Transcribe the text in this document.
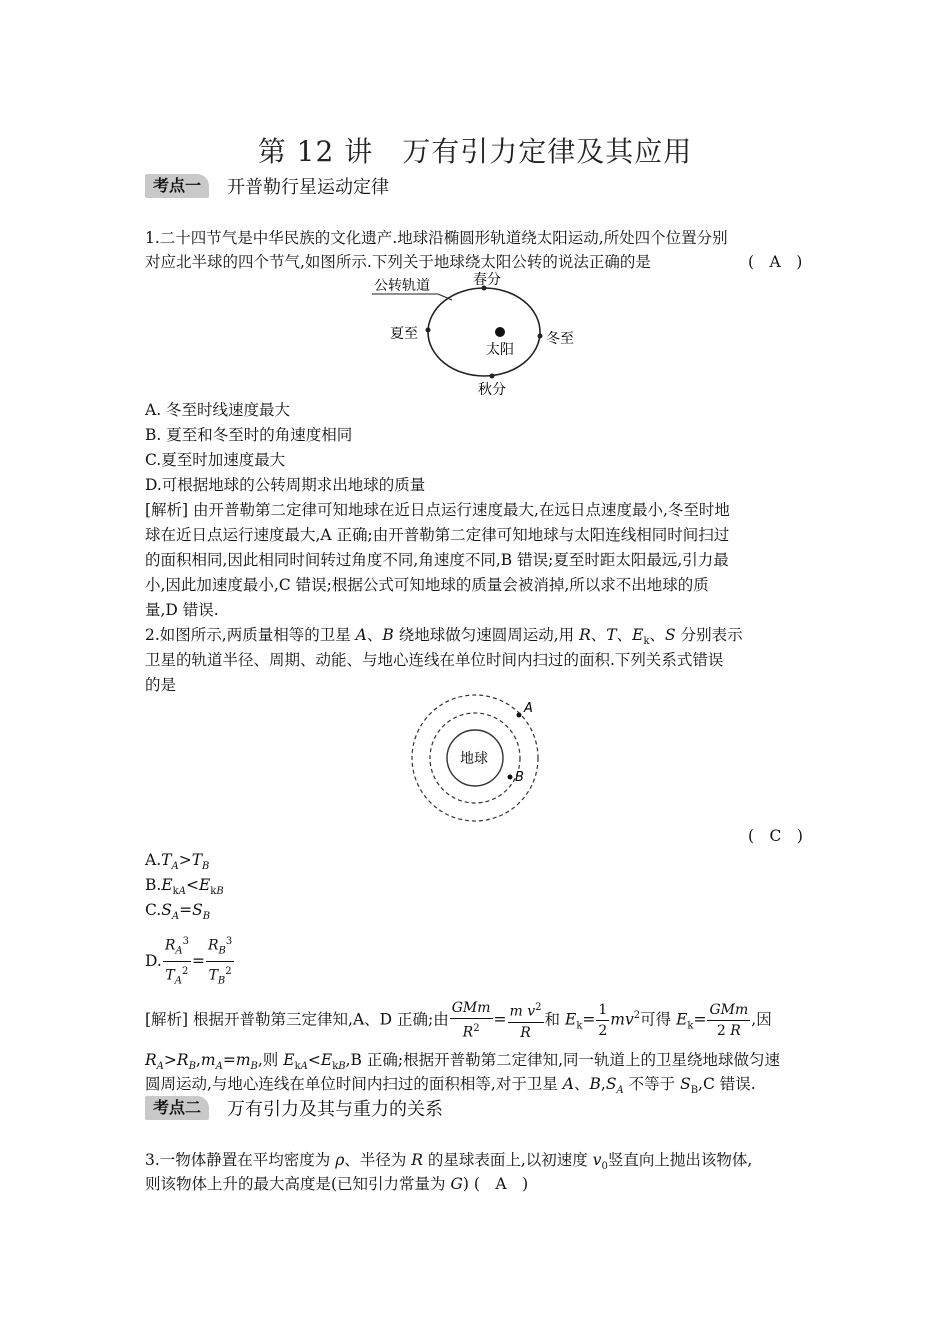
第 12 讲　万有引力定律及其应用
考点一	开普勒行星运动定律
1.二十四节气是中华民族的文化遗产.地球沿椭圆形轨道绕太阳运动,所处四个位置分别
对应北半球的四个节气,如图所示.下列关于地球绕太阳公转的说法正确的是	(　A　)
公转轨道	春分
夏至	冬至
秋分
太阳
A. 冬至时线速度最大
B. 夏至和冬至时的角速度相同
C.夏至时加速度最大
D.可根据地球的公转周期求出地球的质量
[解析] 由开普勒第二定律可知地球在近日点运行速度最大,在远日点速度最小,冬至时地
球在近日点运行速度最大,A 正确;由开普勒第二定律可知地球与太阳连线相同时间扫过
的面积相同,因此相同时间转过角度不同,角速度不同,B 错误;夏至时距太阳最远,引力最
小,因此加速度最小,C 错误;根据公式可知地球的质量会被消掉,所以求不出地球的质
量,D 错误.
2.如图所示,两质量相等的卫星 A、B 绕地球做匀速圆周运动,用 R、T、$E_k$、S 分别表示
卫星的轨道半径、周期、动能、与地心连线在单位时间内扫过的面积.下列关系式错误
的是
地球
A
B
(　C　)
$A.T_A>T_B$
$B.E_{kA}<E_{kB}$
$C.S_A=S_B$
D. $\frac{R_A^3}{T_A^2} = \frac{R_B^3}{T_B^2}$
[解析] 根据开普勒第三定律知,A、D 正确;由 $\frac{\text{GMm}}{R^2} = \frac{m v^2}{R}$ 和 $E_k= \frac{1}{2} mv^2$可得 $E_k= \frac{\text{GMm}}{2 R}$ ,因
$R_A>R_B,m_A=m_B$,则 $E_{kA}<E_{kB},B$ 正确;根据开普勒第二定律知,同一轨道上的卫星绕地球做匀速
圆周运动,与地心连线在单位时间内扫过的面积相等,对于卫星 A、$B,S_A$ 不等于 $S_B,C$ 错误.
考点二	万有引力及其与重力的关系
3.一物体静置在平均密度为 ρ、半径为 R 的星球表面上,以初速度 $v_0$竖直向上抛出该物体,
则该物体上升的最大高度是(已知引力常量为 G) (　A　)
